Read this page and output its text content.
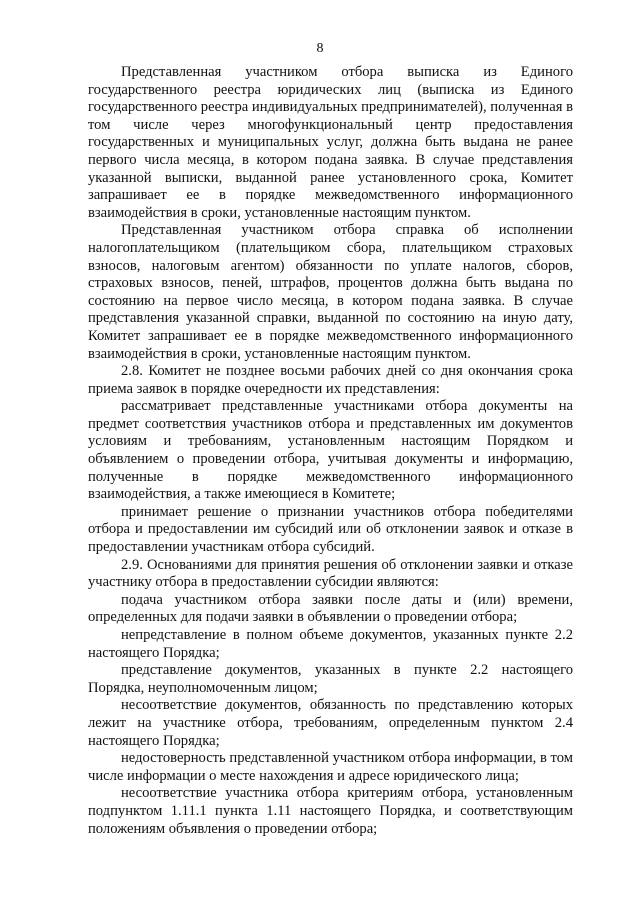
8

Представленная участником отбора выписка из Единого государственного реестра юридических лиц (выписка из Единого государственного реестра индивидуальных предпринимателей), полученная в том числе через многофункциональный центр предоставления государственных и муниципальных услуг, должна быть выдана не ранее первого числа месяца, в котором подана заявка. В случае представления указанной выписки, выданной ранее установленного срока, Комитет запрашивает ее в порядке межведомственного информационного взаимодействия в сроки, установленные настоящим пунктом.

Представленная участником отбора справка об исполнении налогоплательщиком (плательщиком сбора, плательщиком страховых взносов, налоговым агентом) обязанности по уплате налогов, сборов, страховых взносов, пеней, штрафов, процентов должна быть выдана по состоянию на первое число месяца, в котором подана заявка. В случае представления указанной справки, выданной по состоянию на иную дату, Комитет запрашивает ее в порядке межведомственного информационного взаимодействия в сроки, установленные настоящим пунктом.

2.8. Комитет не позднее восьми рабочих дней со дня окончания срока приема заявок в порядке очередности их представления:

рассматривает представленные участниками отбора документы на предмет соответствия участников отбора и представленных им документов условиям и требованиям, установленным настоящим Порядком и объявлением о проведении отбора, учитывая документы и информацию, полученные в порядке межведомственного информационного взаимодействия, а также имеющиеся в Комитете;

принимает решение о признании участников отбора победителями отбора и предоставлении им субсидий или об отклонении заявок и отказе в предоставлении участникам отбора субсидий.

2.9. Основаниями для принятия решения об отклонении заявки и отказе участнику отбора в предоставлении субсидии являются:

подача участником отбора заявки после даты и (или) времени, определенных для подачи заявки в объявлении о проведении отбора;

непредставление в полном объеме документов, указанных пункте 2.2 настоящего Порядка;

представление документов, указанных в пункте 2.2 настоящего Порядка, неуполномоченным лицом;

несоответствие документов, обязанность по представлению которых лежит на участнике отбора, требованиям, определенным пунктом 2.4 настоящего Порядка;

недостоверность представленной участником отбора информации, в том числе информации о месте нахождения и адресе юридического лица;

несоответствие участника отбора критериям отбора, установленным подпунктом 1.11.1 пункта 1.11 настоящего Порядка, и соответствующим положениям объявления о проведении отбора;
